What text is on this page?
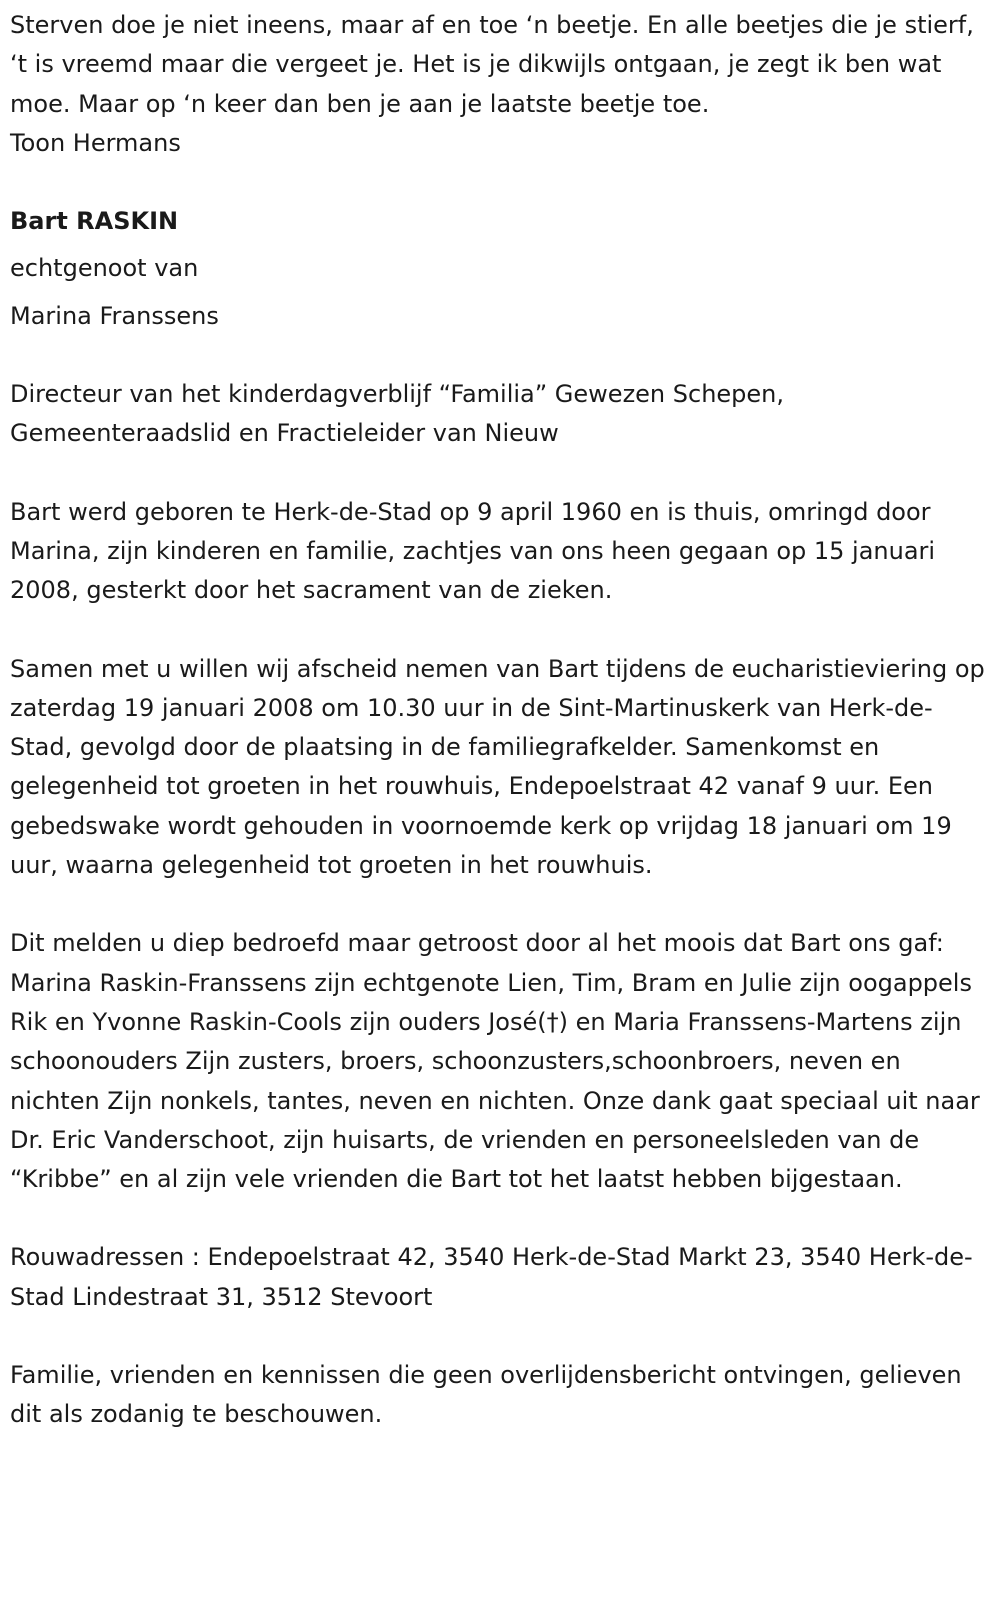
Sterven doe je niet ineens, maar af en toe ‘n beetje. En alle beetjes die je stierf, ‘t is vreemd maar die vergeet je. Het is je dikwijls ontgaan, je zegt ik ben wat moe. Maar op ‘n keer dan ben je aan je laatste beetje toe.

Toon Hermans

Bart RASKIN

echtgenoot van

Marina Franssens

Directeur van het kinderdagverblijf “Familia” Gewezen Schepen, Gemeenteraadslid en Fractieleider van Nieuw

Bart werd geboren te Herk-de-Stad op 9 april 1960 en is thuis, omringd door Marina, zijn kinderen en familie, zachtjes van ons heen gegaan op 15 januari 2008, gesterkt door het sacrament van de zieken.

Samen met u willen wij afscheid nemen van Bart tijdens de eucharistieviering op zaterdag 19 januari 2008 om 10.30 uur in de Sint-Martinuskerk van Herk-de-Stad, gevolgd door de plaatsing in de familiegrafkelder. Samenkomst en gelegenheid tot groeten in het rouwhuis, Endepoelstraat 42 vanaf 9 uur. Een gebedswake wordt gehouden in voornoemde kerk op vrijdag 18 januari om 19 uur, waarna gelegenheid tot groeten in het rouwhuis.

Dit melden u diep bedroefd maar getroost door al het moois dat Bart ons gaf: Marina Raskin-Franssens zijn echtgenote Lien, Tim, Bram en Julie zijn oogappels Rik en Yvonne Raskin-Cools zijn ouders José(†) en Maria Franssens-Martens zijn schoonouders Zijn zusters, broers, schoonzusters,schoonbroers, neven en nichten Zijn nonkels, tantes, neven en nichten. Onze dank gaat speciaal uit naar Dr. Eric Vanderschoot, zijn huisarts, de vrienden en personeelsleden van de “Kribbe” en al zijn vele vrienden die Bart tot het laatst hebben bijgestaan.

Rouwadressen : Endepoelstraat 42, 3540 Herk-de-Stad Markt 23, 3540 Herk-de-Stad Lindestraat 31, 3512 Stevoort

Familie, vrienden en kennissen die geen overlijdensbericht ontvingen, gelieven dit als zodanig te beschouwen.
